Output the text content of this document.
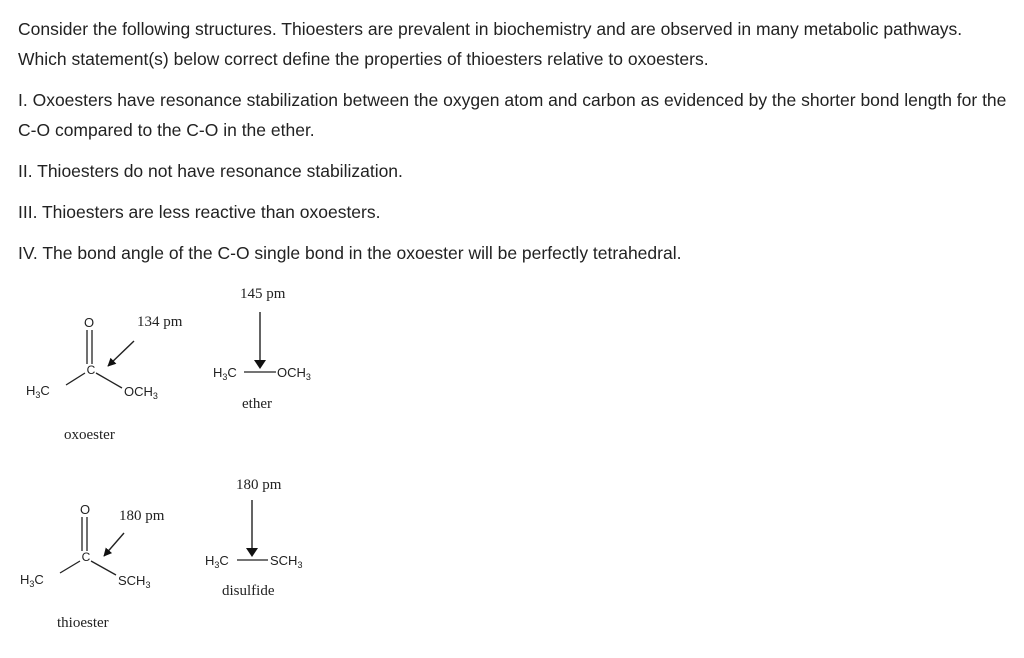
Consider the following structures. Thioesters are prevalent in biochemistry and are observed in many metabolic pathways. Which statement(s) below correct define the properties of thioesters relative to oxoesters.

I. Oxoesters have resonance stabilization between the oxygen atom and carbon as evidenced by the shorter bond length for the C-O compared to the C-O in the ether.

II. Thioesters do not have resonance stabilization.

III. Thioesters are less reactive than oxoesters.

IV. The bond angle of the C-O single bond in the oxoester will be perfectly tetrahedral.

O
C
$H_3C$	$OCH_3$
134 pm
oxoester
145 pm
$H_3C$	$OCH_3$
ether
O
C
$H_3C$	$SCH_3$
180 pm
thioester
180 pm
$H_3C$	$SCH_3$
disulfide
